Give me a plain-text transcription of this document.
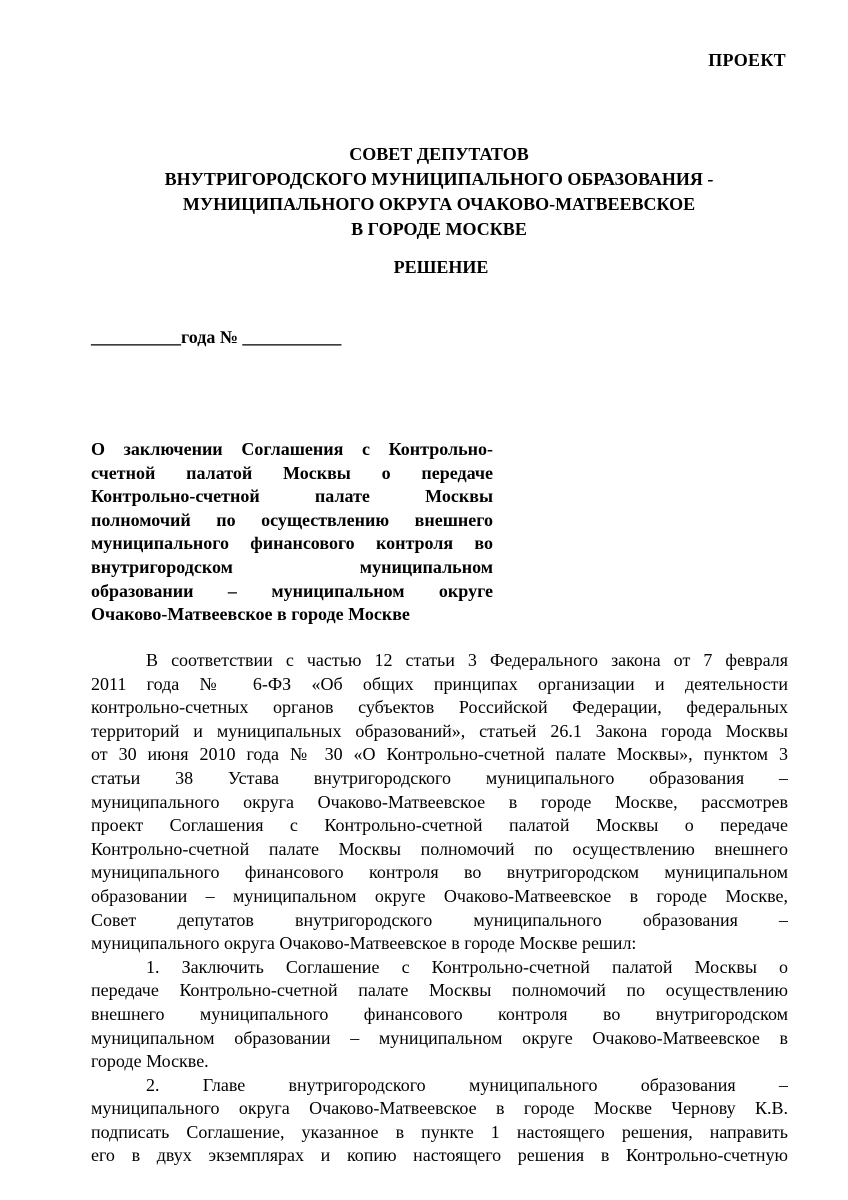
ПРОЕКТ
СОВЕТ ДЕПУТАТОВ
ВНУТРИГОРОДСКОГО МУНИЦИПАЛЬНОГО ОБРАЗОВАНИЯ -
МУНИЦИПАЛЬНОГО ОКРУГА ОЧАКОВО-МАТВЕЕВСКОЕ
В ГОРОДЕ МОСКВЕ
РЕШЕНИЕ
__________года № ___________
О заключении Соглашения с Контрольно-
счетной палатой Москвы о передаче
Контрольно-счетной палате Москвы
полномочий по осуществлению внешнего
муниципального финансового контроля во
внутригородском муниципальном
образовании – муниципальном округе
Очаково-Матвеевское в городе Москве
В соответствии с частью 12 статьи 3 Федерального закона от 7 февраля
2011 года № 6-ФЗ «Об общих принципах организации и деятельности
контрольно-счетных органов субъектов Российской Федерации, федеральных
территорий и муниципальных образований», статьей 26.1 Закона города Москвы
от 30 июня 2010 года № 30 «О Контрольно-счетной палате Москвы», пунктом 3
статьи 38 Устава внутригородского муниципального образования –
муниципального округа Очаково-Матвеевское в городе Москве, рассмотрев
проект Соглашения с Контрольно-счетной палатой Москвы о передаче
Контрольно-счетной палате Москвы полномочий по осуществлению внешнего
муниципального финансового контроля во внутригородском муниципальном
образовании – муниципальном округе Очаково-Матвеевское в городе Москве,
Совет депутатов внутригородского муниципального образования –
муниципального округа Очаково-Матвеевское в городе Москве решил:
1. Заключить Соглашение с Контрольно-счетной палатой Москвы о
передаче Контрольно-счетной палате Москвы полномочий по осуществлению
внешнего муниципального финансового контроля во внутригородском
муниципальном образовании – муниципальном округе Очаково-Матвеевское в
городе Москве.
2. Главе внутригородского муниципального образования –
муниципального округа Очаково-Матвеевское в городе Москве Чернову К.В.
подписать Соглашение, указанное в пункте 1 настоящего решения, направить
его в двух экземплярах и копию настоящего решения в Контрольно-счетную
